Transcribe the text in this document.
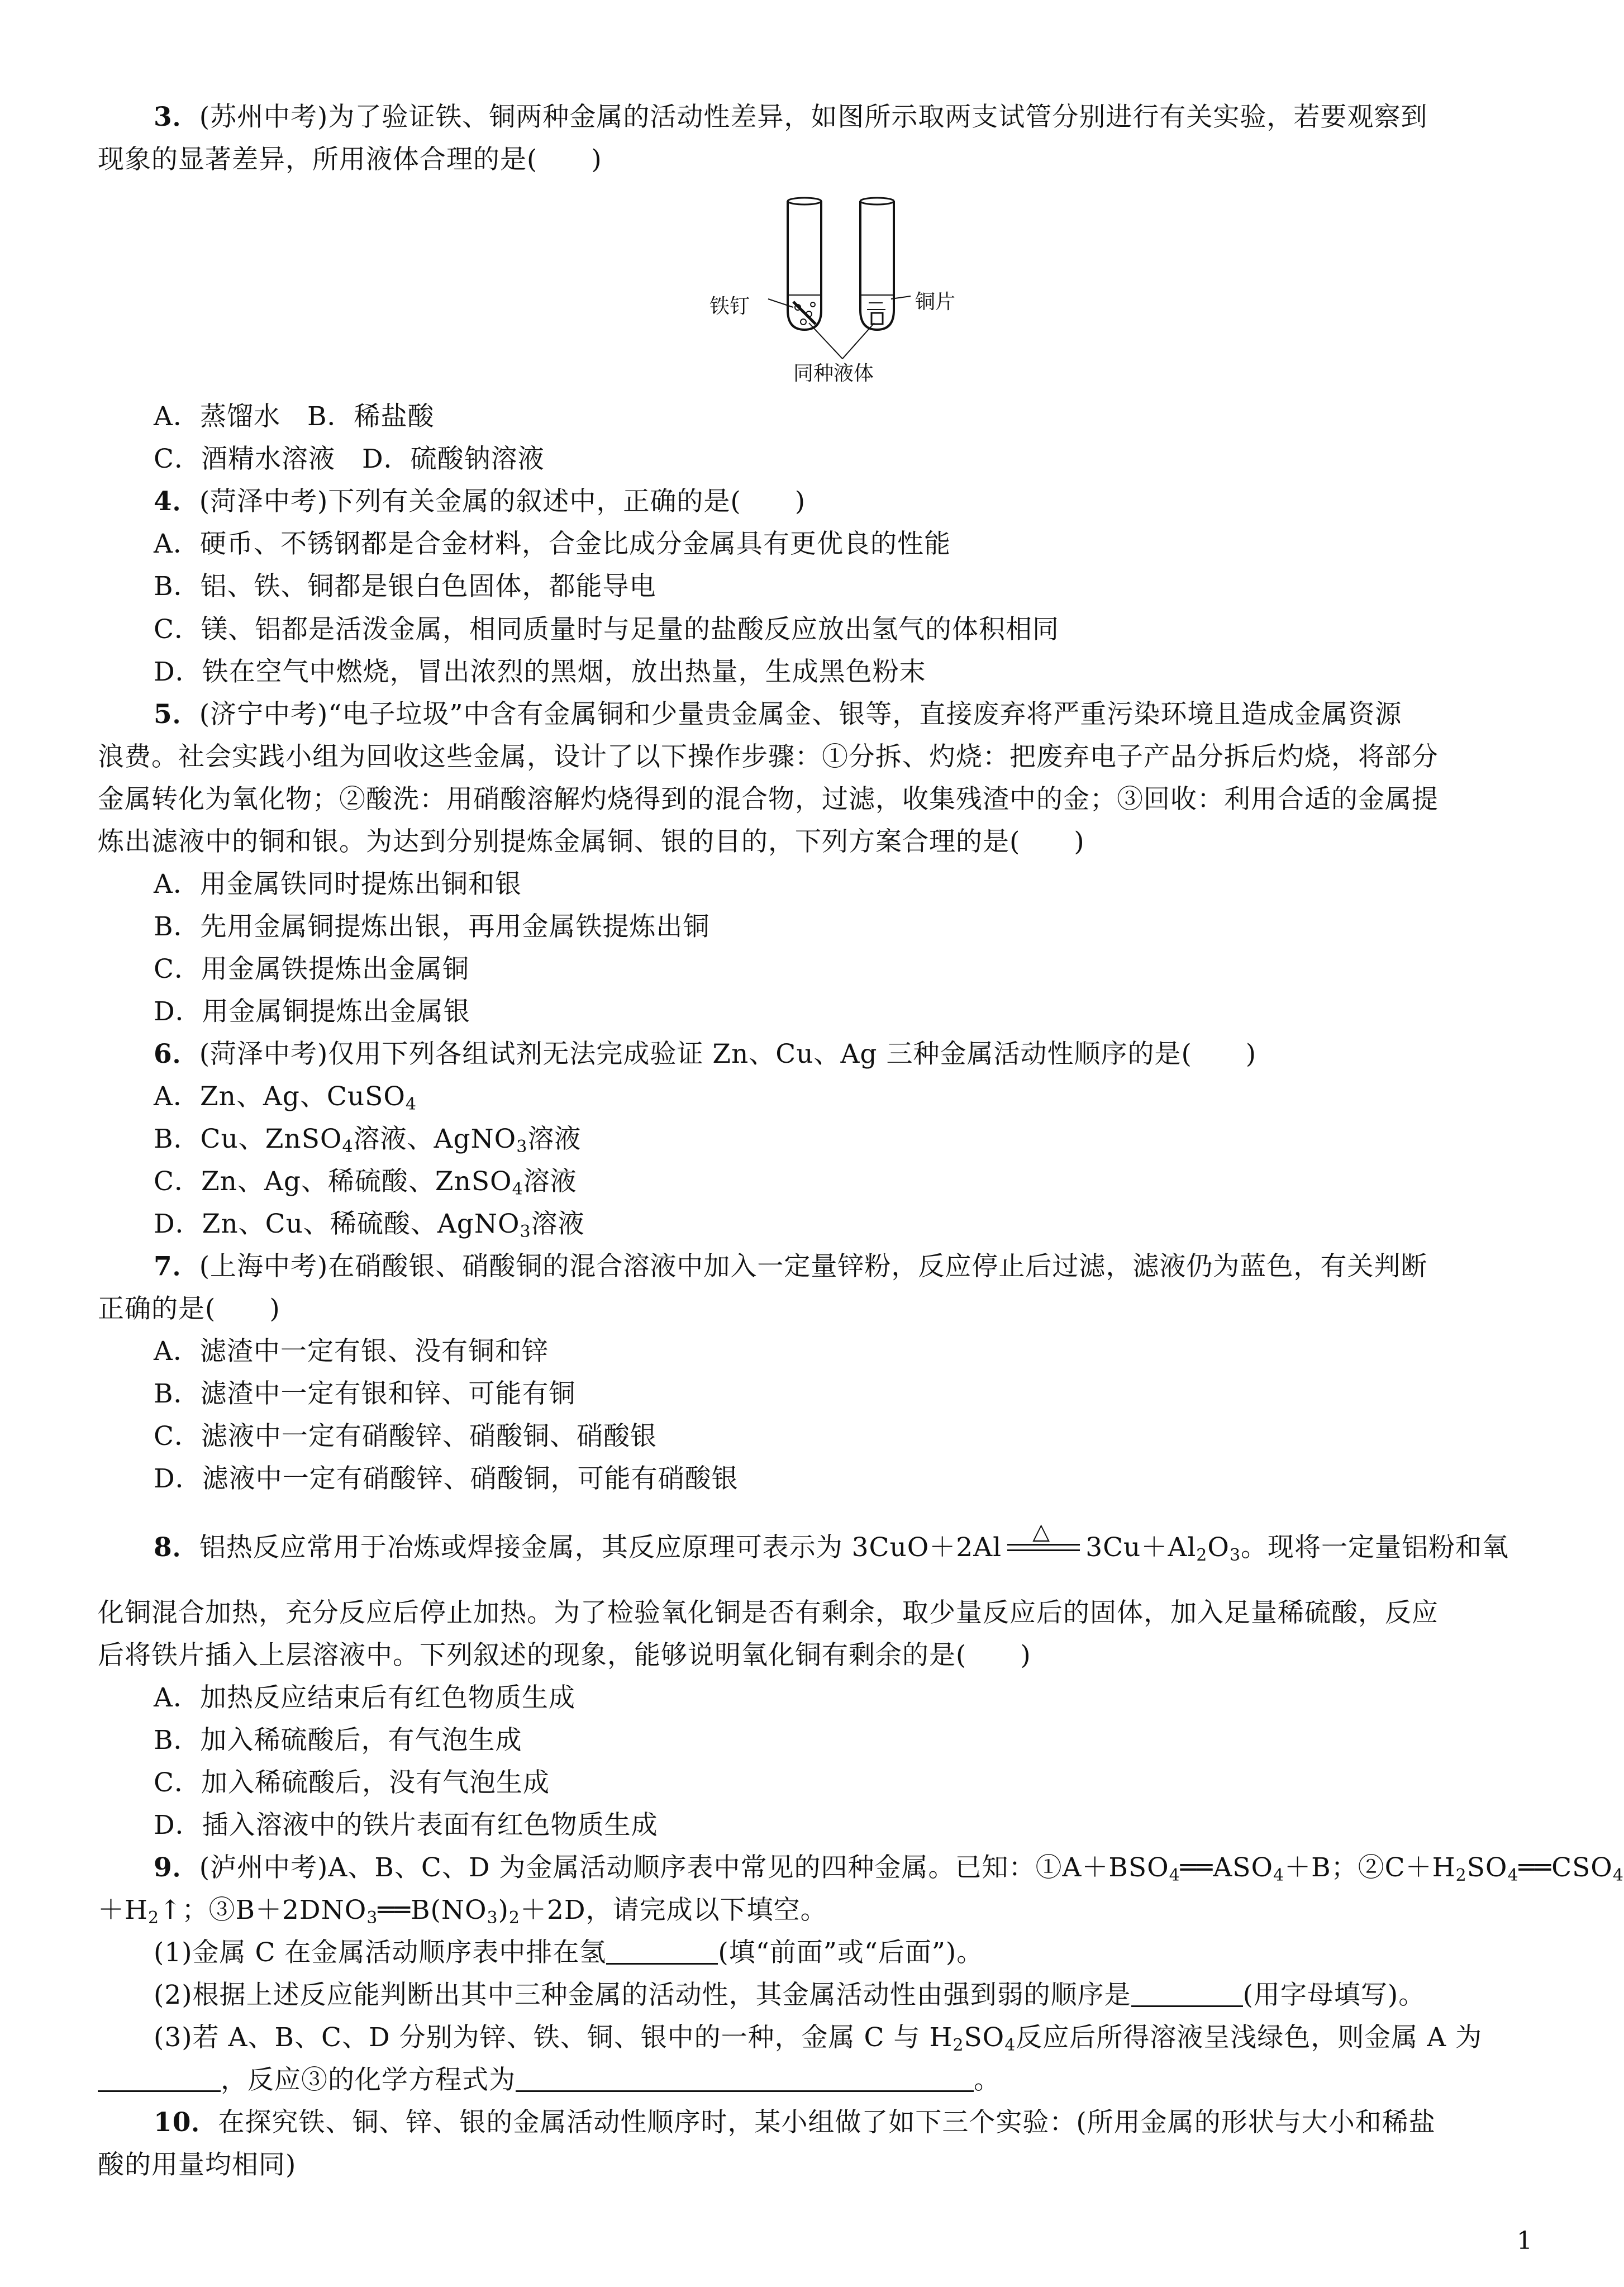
3．(苏州中考)为了验证铁、铜两种金属的活动性差异，如图所示取两支试管分别进行有关实验，若要观察到
现象的显著差异，所用液体合理的是(　　)
铁钉	铜片
同种液体
A．蒸馏水　B．稀盐酸
C．酒精水溶液　D．硫酸钠溶液
4．(菏泽中考)下列有关金属的叙述中，正确的是(　　)
A．硬币、不锈钢都是合金材料，合金比成分金属具有更优良的性能
B．铝、铁、铜都是银白色固体，都能导电
C．镁、铝都是活泼金属，相同质量时与足量的盐酸反应放出氢气的体积相同
D．铁在空气中燃烧，冒出浓烈的黑烟，放出热量，生成黑色粉末
5．(济宁中考)“电子垃圾”中含有金属铜和少量贵金属金、银等，直接废弃将严重污染环境且造成金属资源
浪费。社会实践小组为回收这些金属，设计了以下操作步骤：①分拆、灼烧：把废弃电子产品分拆后灼烧，将部分
金属转化为氧化物；②酸洗：用硝酸溶解灼烧得到的混合物，过滤，收集残渣中的金；③回收：利用合适的金属提
炼出滤液中的铜和银。为达到分别提炼金属铜、银的目的，下列方案合理的是(　　)
A．用金属铁同时提炼出铜和银
B．先用金属铜提炼出银，再用金属铁提炼出铜
C．用金属铁提炼出金属铜
D．用金属铜提炼出金属银
6．(菏泽中考)仅用下列各组试剂无法完成验证 Zn、Cu、Ag 三种金属活动性顺序的是(　　)
A．Zn、Ag、CuSO$_4$
B．Cu、ZnSO$_4$溶液、AgNO$_3$溶液
C．Zn、Ag、稀硫酸、ZnSO$_4$溶液
D．Zn、Cu、稀硫酸、AgNO$_3$溶液
7．(上海中考)在硝酸银、硝酸铜的混合溶液中加入一定量锌粉，反应停止后过滤，滤液仍为蓝色，有关判断
正确的是(　　)
A．滤渣中一定有银、没有铜和锌
B．滤渣中一定有银和锌、可能有铜
C．滤液中一定有硝酸锌、硝酸铜、硝酸银
D．滤液中一定有硝酸锌、硝酸铜，可能有硝酸银
8．铝热反应常用于冶炼或焊接金属，其反应原理可表示为 3CuO＋2Al
△
$3Cu+Al_2O_3$。现将一定量铝粉和氧
化铜混合加热，充分反应后停止加热。为了检验氧化铜是否有剩余，取少量反应后的固体，加入足量稀硫酸，反应
后将铁片插入上层溶液中。下列叙述的现象，能够说明氧化铜有剩余的是(　　)
A．加热反应结束后有红色物质生成
B．加入稀硫酸后，有气泡生成
C．加入稀硫酸后，没有气泡生成
D．插入溶液中的铁片表面有红色物质生成
9．(泸州中考)A、B、C、D 为金属活动顺序表中常见的四种金属。已知：$①A+BSO_4══ASO_4+B$；$②C+H_2SO_4══CSO_4$
$+H_2↑$；$③B+2DNO_3══B(NO_3)_2+2D$，请完成以下填空。
(1)金属 C 在金属活动顺序表中排在氢	(填“前面”或“后面”)。
(2)根据上述反应能判断出其中三种金属的活动性，其金属活动性由强到弱的顺序是	(用字母填写)。
(3)若 A、B、C、D 分别为锌、铁、铜、银中的一种，金属 C 与 $H_2SO_4$反应后所得溶液呈浅绿色，则金属 A 为
，反应③的化学方程式为	。
10．在探究铁、铜、锌、银的金属活动性顺序时，某小组做了如下三个实验：(所用金属的形状与大小和稀盐
酸的用量均相同)
1
